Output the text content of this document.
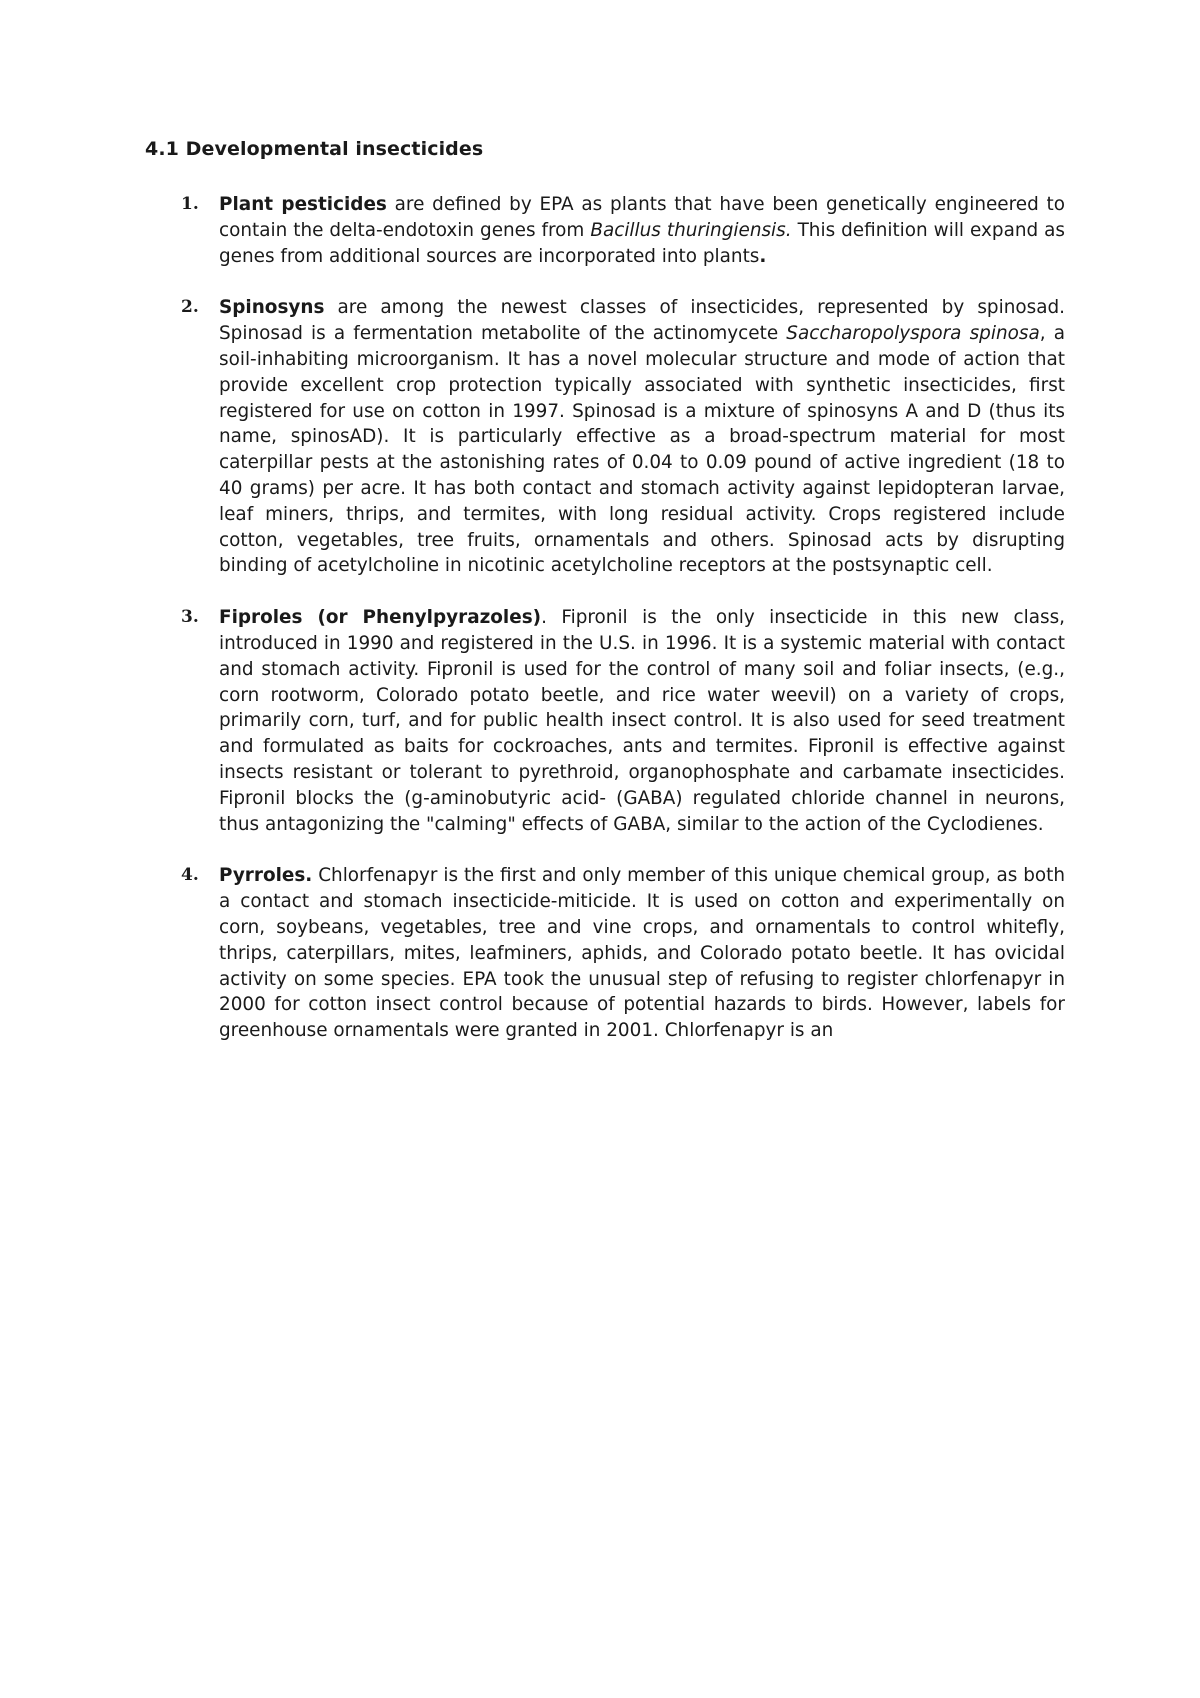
4.1 Developmental insecticides
1. Plant pesticides are defined by EPA as plants that have been genetically engineered to contain the delta-endotoxin genes from Bacillus thuringiensis. This definition will expand as genes from additional sources are incorporated into plants.
2. Spinosyns are among the newest classes of insecticides, represented by spinosad. Spinosad is a fermentation metabolite of the actinomycete Saccharopolyspora spinosa, a soil-inhabiting microorganism. It has a novel molecular structure and mode of action that provide excellent crop protection typically associated with synthetic insecticides, first registered for use on cotton in 1997. Spinosad is a mixture of spinosyns A and D (thus its name, spinosAD). It is particularly effective as a broad-spectrum material for most caterpillar pests at the astonishing rates of 0.04 to 0.09 pound of active ingredient (18 to 40 grams) per acre. It has both contact and stomach activity against lepidopteran larvae, leaf miners, thrips, and termites, with long residual activity. Crops registered include cotton, vegetables, tree fruits, ornamentals and others. Spinosad acts by disrupting binding of acetylcholine in nicotinic acetylcholine receptors at the postsynaptic cell.
3. Fiproles (or Phenylpyrazoles). Fipronil is the only insecticide in this new class, introduced in 1990 and registered in the U.S. in 1996. It is a systemic material with contact and stomach activity. Fipronil is used for the control of many soil and foliar insects, (e.g., corn rootworm, Colorado potato beetle, and rice water weevil) on a variety of crops, primarily corn, turf, and for public health insect control. It is also used for seed treatment and formulated as baits for cockroaches, ants and termites. Fipronil is effective against insects resistant or tolerant to pyrethroid, organophosphate and carbamate insecticides. Fipronil blocks the (g-aminobutyric acid- (GABA) regulated chloride channel in neurons, thus antagonizing the "calming" effects of GABA, similar to the action of the Cyclodienes.
4. Pyrroles. Chlorfenapyr is the first and only member of this unique chemical group, as both a contact and stomach insecticide-miticide. It is used on cotton and experimentally on corn, soybeans, vegetables, tree and vine crops, and ornamentals to control whitefly, thrips, caterpillars, mites, leafminers, aphids, and Colorado potato beetle. It has ovicidal activity on some species. EPA took the unusual step of refusing to register chlorfenapyr in 2000 for cotton insect control because of potential hazards to birds. However, labels for greenhouse ornamentals were granted in 2001. Chlorfenapyr is an
